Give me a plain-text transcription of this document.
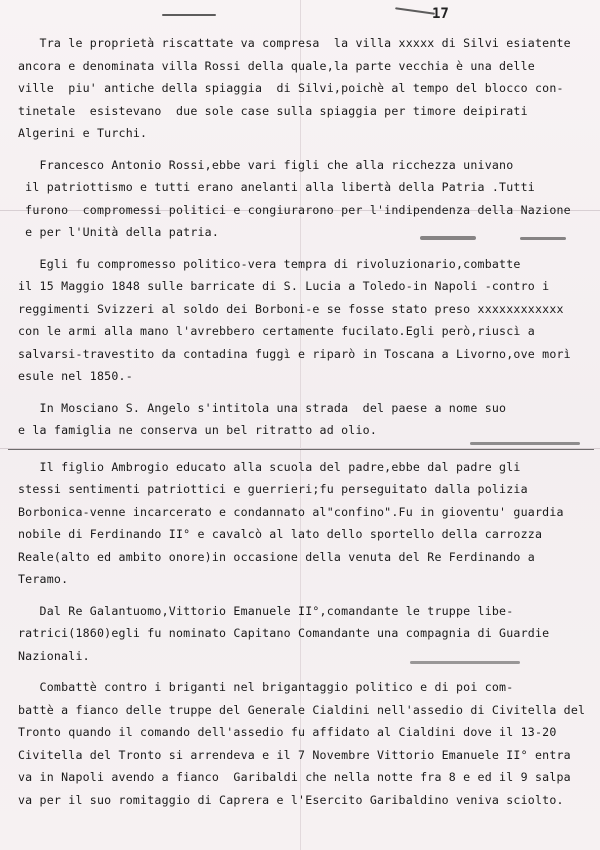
17
Tra le proprietà riscattate va compresa  la villa xxxxx di Silvi esiatente
ancora e denominata villa Rossi della quale,la parte vecchia è una delle
ville  piu' antiche della spiaggia  di Silvi,poichè al tempo del blocco con-
tinetale  esistevano  due sole case sulla spiaggia per timore deipirati
Algerini e Turchi.
Francesco Antonio Rossi,ebbe vari figli che alla ricchezza univano
il patriottismo e tutti erano anelanti alla libertà della Patria .Tutti
furono  compromessi politici e congiurarono per l'indipendenza della Nazione
e per l'Unità della patria.
Egli fu compromesso politico-vera tempra di rivoluzionario,combatte
il 15 Maggio 1848 sulle barricate di S. Lucia a Toledo-in Napoli -contro i
reggimenti Svizzeri al soldo dei Borboni-e se fosse stato preso xxxxxxxxxxxx
con le armi alla mano l'avrebbero certamente fucilato.Egli però,riuscì a
salvarsi-travestito da contadina fuggì e riparò in Toscana a Livorno,ove morì
esule nel 1850.-
In Mosciano S. Angelo s'intitola una strada  del paese a nome suo
e la famiglia ne conserva un bel ritratto ad olio.
Il figlio Ambrogio educato alla scuola del padre,ebbe dal padre gli
stessi sentimenti patriottici e guerrieri;fu perseguitato dalla polizia
Borbonica-venne incarcerato e condannato al"confino".Fu in gioventu' guardia
nobile di Ferdinando II° e cavalcò al lato dello sportello della carrozza
Reale(alto ed ambito onore)in occasione della venuta del Re Ferdinando a
Teramo.
Dal Re Galantuomo,Vittorio Emanuele II°,comandante le truppe libe-
ratrici(1860)egli fu nominato Capitano Comandante una compagnia di Guardie
Nazionali.
Combattè contro i briganti nel brigantaggio politico e di poi com-
battè a fianco delle truppe del Generale Cialdini nell'assedio di Civitella del
Tronto quando il comando dell'assedio fu affidato al Cialdini dove il 13-20
Civitella del Tronto si arrendeva e il 7 Novembre Vittorio Emanuele II° entra
va in Napoli avendo a fianco  Garibaldi che nella notte fra 8 e ed il 9 salpa
va per il suo romitaggio di Caprera e l'Esercito Garibaldino veniva sciolto.
